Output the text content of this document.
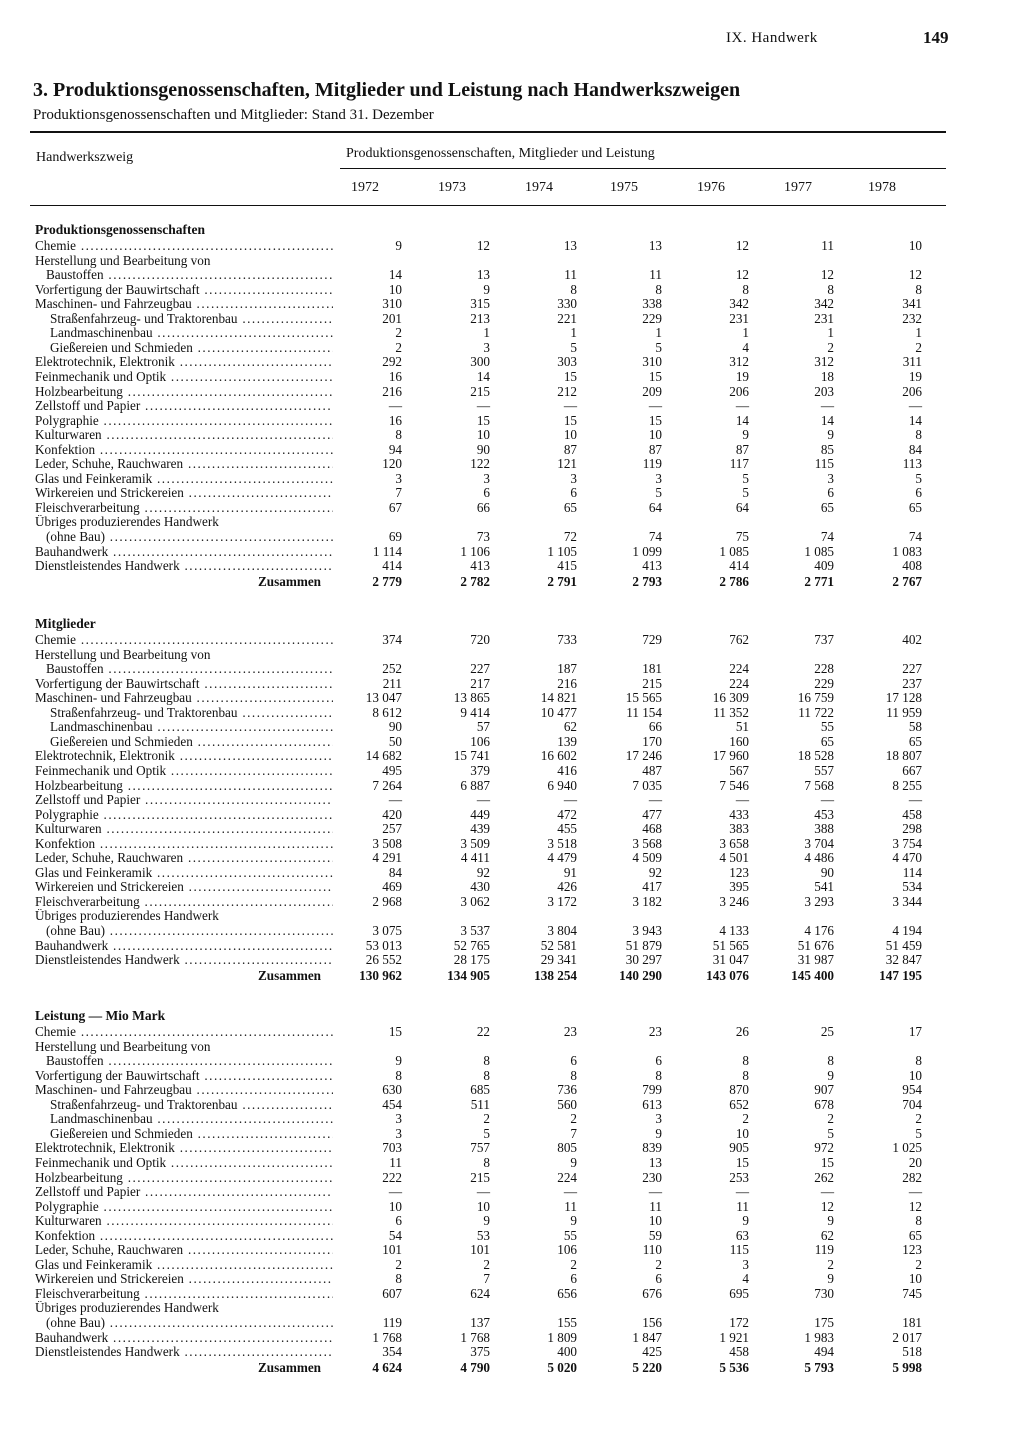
IX. Handwerk	149
3. Produktionsgenossenschaften, Mitglieder und Leistung nach Handwerkszweigen
Produktionsgenossenschaften und Mitglieder: Stand 31. Dezember
Handwerkszweig	Produktionsgenossenschaften, Mitglieder und Leistung
1972	1973	1974	1975	1976	1977	1978
Produktionsgenossenschaften
Chemie .....	9	12	13	13	12	11	10
Herstellung und Bearbeitung von
Baustoffen .....	14	13	11	11	12	12	12
Vorfertigung der Bauwirtschaft .....	10	9	8	8	8	8	8
Maschinen- und Fahrzeugbau .....	310	315	330	338	342	342	341
Straßenfahrzeug- und Traktorenbau .....	201	213	221	229	231	231	232
Landmaschinenbau .....	2	1	1	1	1	1	1
Gießereien und Schmieden .....	2	3	5	5	4	2	2
Elektrotechnik, Elektronik .....	292	300	303	310	312	312	311
Feinmechanik und Optik .....	16	14	15	15	19	18	19
Holzbearbeitung .....	216	215	212	209	206	203	206
Zellstoff und Papier .....	—	—	—	—	—	—	—
Polygraphie .....	16	15	15	15	14	14	14
Kulturwaren .....	8	10	10	10	9	9	8
Konfektion .....	94	90	87	87	87	85	84
Leder, Schuhe, Rauchwaren .....	120	122	121	119	117	115	113
Glas und Feinkeramik .....	3	3	3	3	5	3	5
Wirkereien und Strickereien .....	7	6	6	5	5	6	6
Fleischverarbeitung .....	67	66	65	64	64	65	65
Übriges produzierendes Handwerk
(ohne Bau) .....	69	73	72	74	75	74	74
Bauhandwerk .....	1 114	1 106	1 105	1 099	1 085	1 085	1 083
Dienstleistendes Handwerk .....	414	413	415	413	414	409	408
Zusammen	2 779	2 782	2 791	2 793	2 786	2 771	2 767
Mitglieder
Chemie .....	374	720	733	729	762	737	402
Herstellung und Bearbeitung von
Baustoffen .....	252	227	187	181	224	228	227
Vorfertigung der Bauwirtschaft .....	211	217	216	215	224	229	237
Maschinen- und Fahrzeugbau .....	13 047	13 865	14 821	15 565	16 309	16 759	17 128
Straßenfahrzeug- und Traktorenbau .....	8 612	9 414	10 477	11 154	11 352	11 722	11 959
Landmaschinenbau .....	90	57	62	66	51	55	58
Gießereien und Schmieden .....	50	106	139	170	160	65	65
Elektrotechnik, Elektronik .....	14 682	15 741	16 602	17 246	17 960	18 528	18 807
Feinmechanik und Optik .....	495	379	416	487	567	557	667
Holzbearbeitung .....	7 264	6 887	6 940	7 035	7 546	7 568	8 255
Zellstoff und Papier .....	—	—	—	—	—	—	—
Polygraphie .....	420	449	472	477	433	453	458
Kulturwaren .....	257	439	455	468	383	388	298
Konfektion .....	3 508	3 509	3 518	3 568	3 658	3 704	3 754
Leder, Schuhe, Rauchwaren .....	4 291	4 411	4 479	4 509	4 501	4 486	4 470
Glas und Feinkeramik .....	84	92	91	92	123	90	114
Wirkereien und Strickereien .....	469	430	426	417	395	541	534
Fleischverarbeitung .....	2 968	3 062	3 172	3 182	3 246	3 293	3 344
Übriges produzierendes Handwerk
(ohne Bau) .....	3 075	3 537	3 804	3 943	4 133	4 176	4 194
Bauhandwerk .....	53 013	52 765	52 581	51 879	51 565	51 676	51 459
Dienstleistendes Handwerk .....	26 552	28 175	29 341	30 297	31 047	31 987	32 847
Zusammen	130 962	134 905	138 254	140 290	143 076	145 400	147 195
Leistung — Mio Mark
Chemie .....	15	22	23	23	26	25	17
Herstellung und Bearbeitung von
Baustoffen .....	9	8	6	6	8	8	8
Vorfertigung der Bauwirtschaft .....	8	8	8	8	8	9	10
Maschinen- und Fahrzeugbau .....	630	685	736	799	870	907	954
Straßenfahrzeug- und Traktorenbau .....	454	511	560	613	652	678	704
Landmaschinenbau .....	3	2	2	3	2	2	2
Gießereien und Schmieden .....	3	5	7	9	10	5	5
Elektrotechnik, Elektronik .....	703	757	805	839	905	972	1 025
Feinmechanik und Optik .....	11	8	9	13	15	15	20
Holzbearbeitung .....	222	215	224	230	253	262	282
Zellstoff und Papier .....	—	—	—	—	—	—	—
Polygraphie .....	10	10	11	11	11	12	12
Kulturwaren .....	6	9	9	10	9	9	8
Konfektion .....	54	53	55	59	63	62	65
Leder, Schuhe, Rauchwaren .....	101	101	106	110	115	119	123
Glas und Feinkeramik .....	2	2	2	2	3	2	2
Wirkereien und Strickereien .....	8	7	6	6	4	9	10
Fleischverarbeitung .....	607	624	656	676	695	730	745
Übriges produzierendes Handwerk
(ohne Bau) .....	119	137	155	156	172	175	181
Bauhandwerk .....	1 768	1 768	1 809	1 847	1 921	1 983	2 017
Dienstleistendes Handwerk .....	354	375	400	425	458	494	518
Zusammen	4 624	4 790	5 020	5 220	5 536	5 793	5 998
